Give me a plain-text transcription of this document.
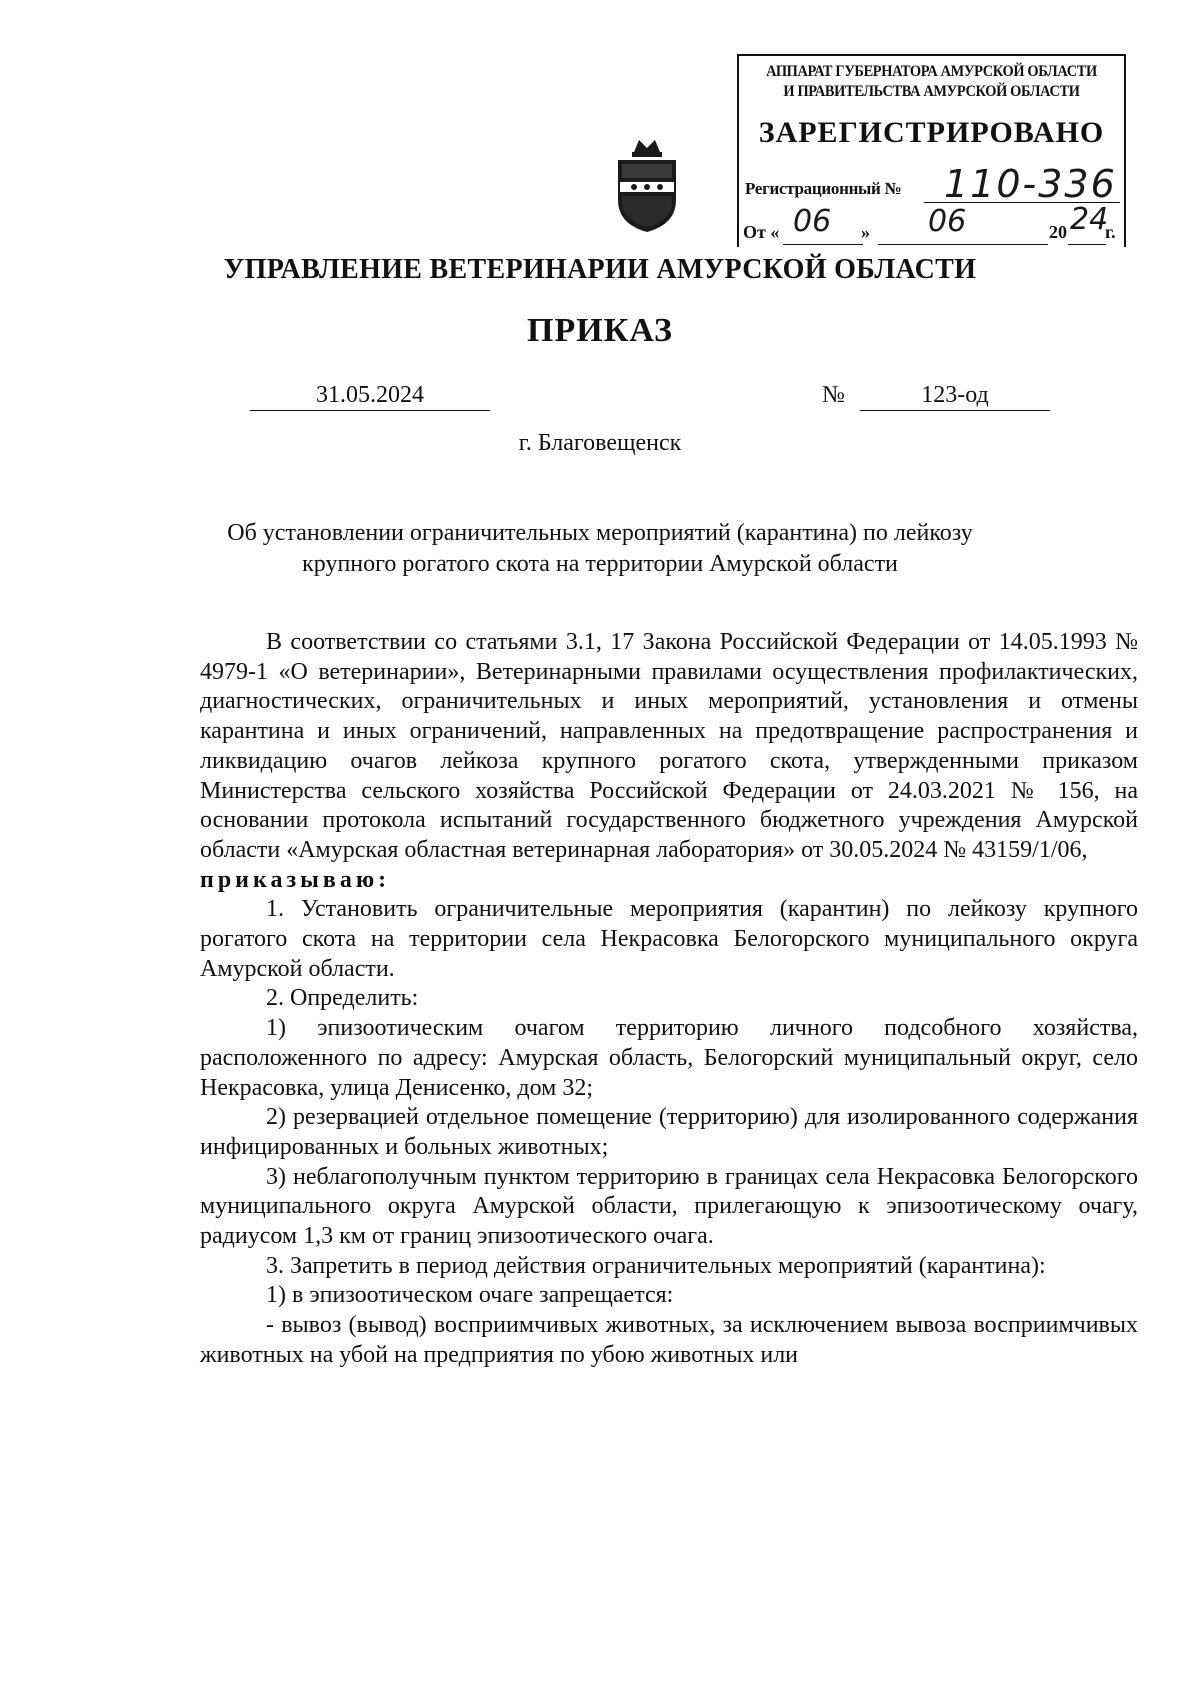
АППАРАТ ГУБЕРНАТОРА АМУРСКОЙ ОБЛАСТИ
И ПРАВИТЕЛЬСТВА АМУРСКОЙ ОБЛАСТИ
ЗАРЕГИСТРИРОВАНО
Регистрационный № 110-336
От « 06 » 06	20 24
г.
УПРАВЛЕНИЕ ВЕТЕРИНАРИИ АМУРСКОЙ ОБЛАСТИ
ПРИКАЗ
31.05.2024	№	123-од
г. Благовещенск
Об установлении ограничительных мероприятий (карантина) по лейкозу
крупного рогатого скота на территории Амурской области

В соответствии со статьями 3.1, 17 Закона Российской Федерации от 14.05.1993 № 4979-1 «О ветеринарии», Ветеринарными правилами осуществления профилактических, диагностических, ограничительных и иных мероприятий, установления и отмены карантина и иных ограничений, направленных на предотвращение распространения и ликвидацию очагов лейкоза крупного рогатого скота, утвержденными приказом Министерства сельского хозяйства Российской Федерации от 24.03.2021 № 156, на основании протокола испытаний государственного бюджетного учреждения Амурской области «Амурская областная ветеринарная лаборатория» от 30.05.2024 № 43159/1/06,

приказываю:

1. Установить ограничительные мероприятия (карантин) по лейкозу крупного рогатого скота на территории села Некрасовка Белогорского муниципального округа Амурской области.

2. Определить:

1) эпизоотическим очагом территорию личного подсобного хозяйства, расположенного по адресу: Амурская область, Белогорский муниципальный округ, село Некрасовка, улица Денисенко, дом 32;

2) резервацией отдельное помещение (территорию) для изолированного содержания инфицированных и больных животных;

3) неблагополучным пунктом территорию в границах села Некрасовка Белогорского муниципального округа Амурской области, прилегающую к эпизоотическому очагу, радиусом 1,3 км от границ эпизоотического очага.

3. Запретить в период действия ограничительных мероприятий (карантина):

1) в эпизоотическом очаге запрещается:

- вывоз (вывод) восприимчивых животных, за исключением вывоза восприимчивых животных на убой на предприятия по убою животных или
